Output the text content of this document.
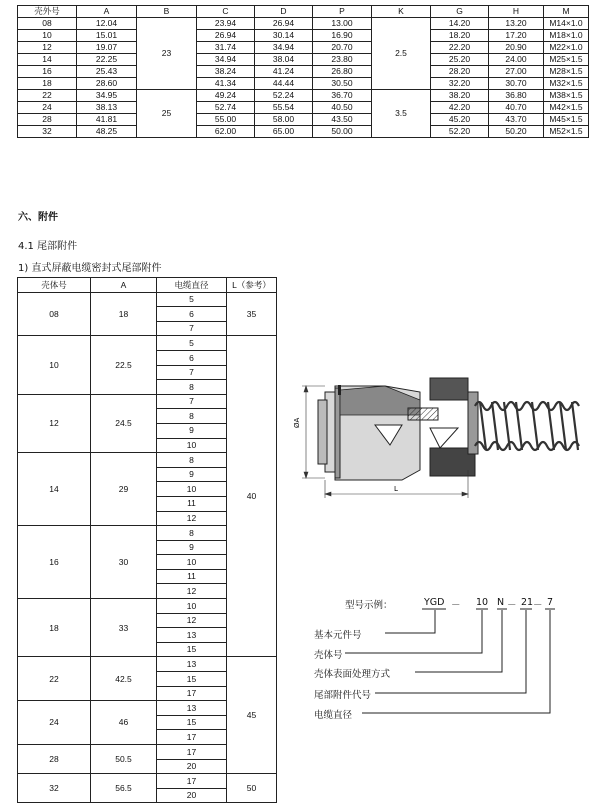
壳外号	A	B	C	D	P	K	G	H	M
08	12.04	23	23.94	26.94	13.00	2.5	14.20	13.20	M14×1.0
10	15.01		26.94	30.14	16.90		18.20	17.20	M18×1.0
12	19.07		31.74	34.94	20.70		22.20	20.90	M22×1.0
14	22.25		34.94	38.04	23.80		25.20	24.00	M25×1.5
16	25.43		38.24	41.24	26.80		28.20	27.00	M28×1.5
18	28.60		41.34	44.44	30.50		32.20	30.70	M32×1.5
22	34.95	25	49.24	52.24	36.70	3.5	38.20	36.80	M38×1.5
24	38.13		52.74	55.54	40.50		42.20	40.70	M42×1.5
28	41.81		55.00	58.00	43.50		45.20	43.70	M45×1.5
32	48.25		62.00	65.00	50.00		52.20	50.20	M52×1.5
六、附件
4.1 尾部附件
1) 直式屏蔽电缆密封式尾部附件
壳体号	A	电缆直径	L（参考）
08	18	5	35
		6	
		7	
10	22.5	5	40
		6	
		7	
		8	
12	24.5	7	
		8	
		9	
		10	
14	29	8	
		9	
		10	
		11	
		12	
16	30	8	
		9	
		10	
		11	
		12	
18	33	10	
		12	
		13	
		15	
22	42.5	13	45
		15	
		17	
24	46	13	
		15	
		17	
28	50.5	17	
		20	
32	56.5	17	50
		20	
ØA
L
型号示例：	YGD － 10 N － 21 － 7
基本元件号
壳体号
壳体表面处理方式
尾部附件代号
电缆直径
